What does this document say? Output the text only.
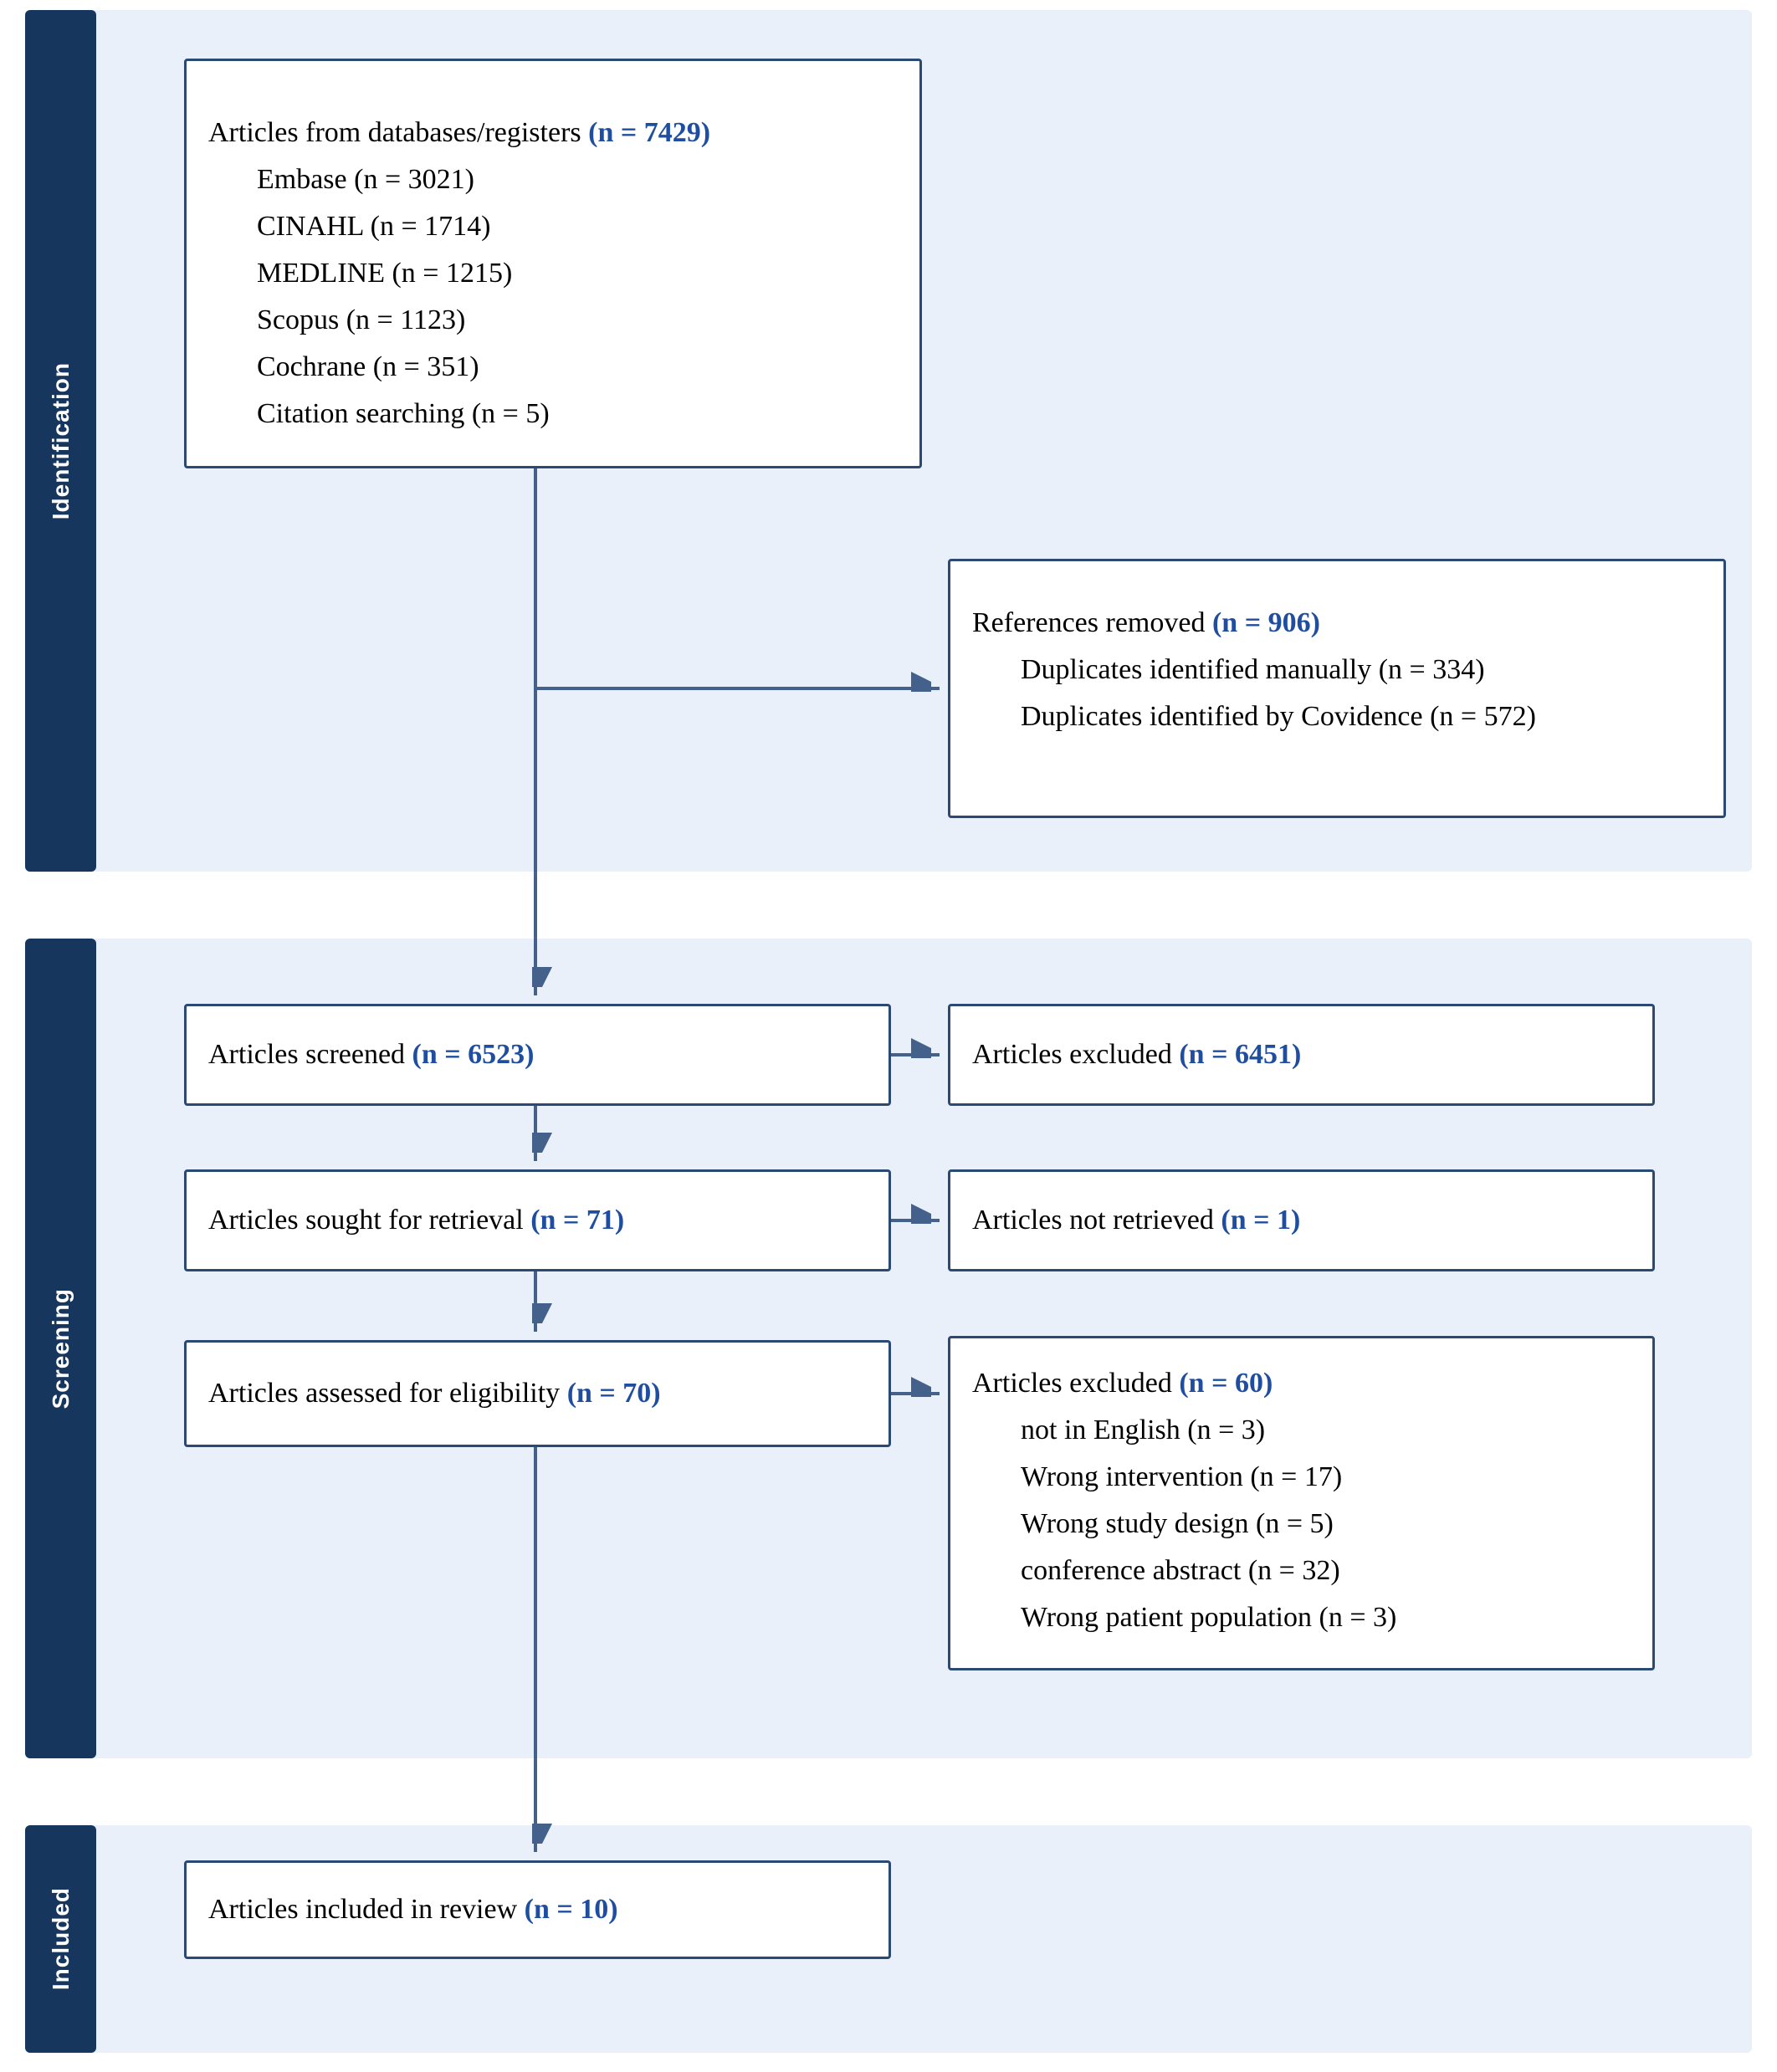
Identification
Screening
Included
Articles from databases/registers (n = 7429)
Embase (n = 3021)
CINAHL (n = 1714)
MEDLINE (n = 1215)
Scopus (n = 1123)
Cochrane (n = 351)
Citation searching (n = 5)
References removed (n = 906)
Duplicates identified manually (n = 334)
Duplicates identified by Covidence (n = 572)
Articles screened (n = 6523)	Articles excluded (n = 6451)
Articles sought for retrieval (n = 71)	Articles not retrieved (n = 1)
Articles assessed for eligibility (n = 70)	Articles excluded (n = 60)
not in English (n = 3)
Wrong intervention (n = 17)
Wrong study design (n = 5)
conference abstract (n = 32)
Wrong patient population (n = 3)
Articles included in review (n = 10)
